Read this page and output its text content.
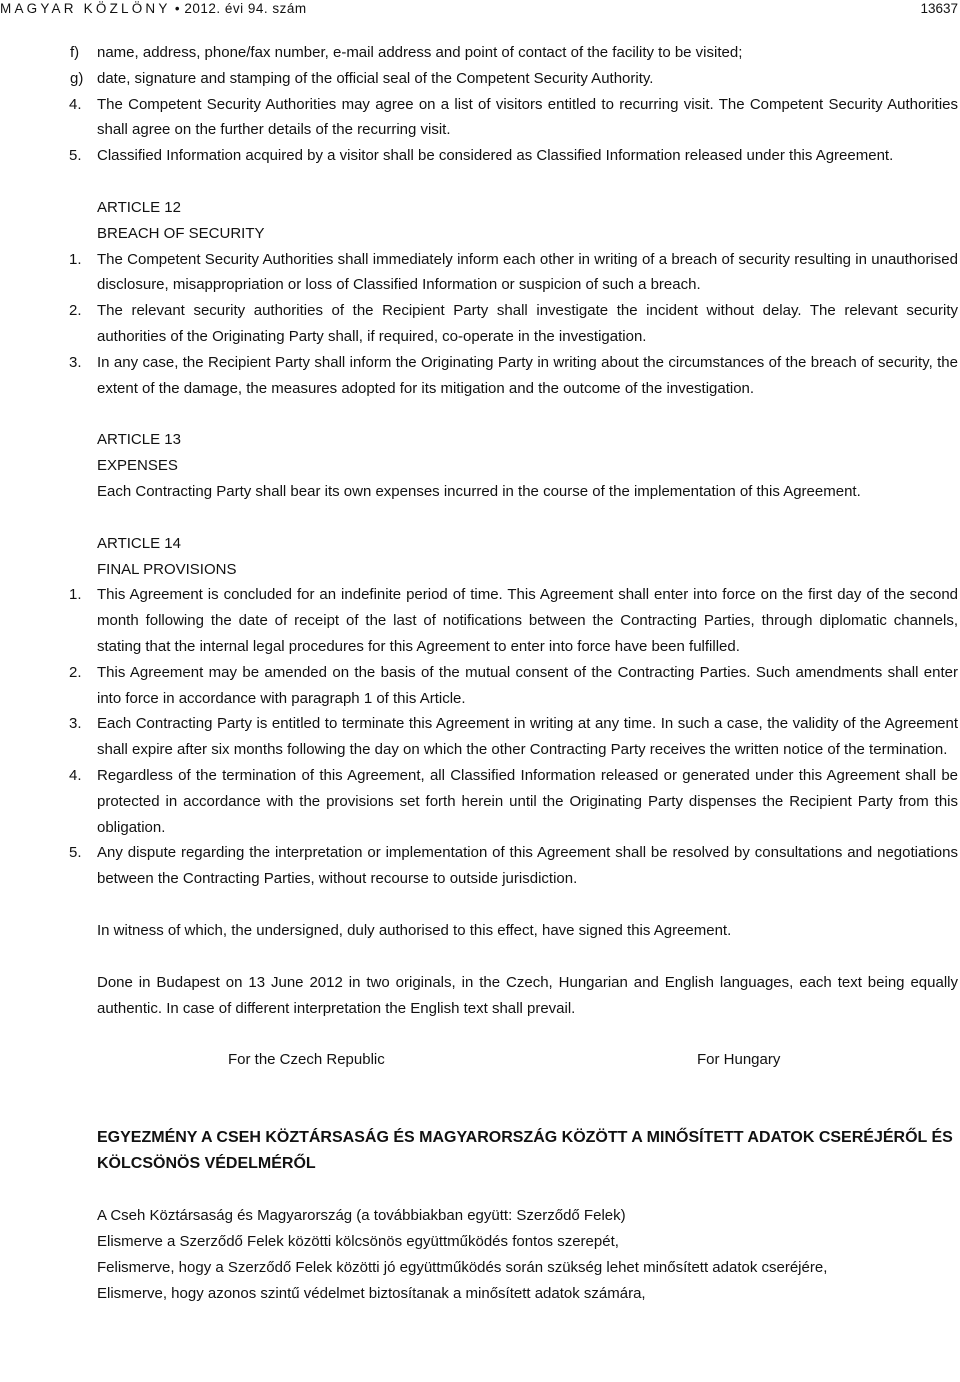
MAGYAR KÖZLÖNY • 2012. évi 94. szám	13637
f) name, address, phone/fax number, e-mail address and point of contact of the facility to be visited;
g) date, signature and stamping of the official seal of the Competent Security Authority.
4. The Competent Security Authorities may agree on a list of visitors entitled to recurring visit. The Competent Security Authorities shall agree on the further details of the recurring visit.
5. Classified Information acquired by a visitor shall be considered as Classified Information released under this Agreement.
ARTICLE 12
BREACH OF SECURITY
1. The Competent Security Authorities shall immediately inform each other in writing of a breach of security resulting in unauthorised disclosure, misappropriation or loss of Classified Information or suspicion of such a breach.
2. The relevant security authorities of the Recipient Party shall investigate the incident without delay. The relevant security authorities of the Originating Party shall, if required, co-operate in the investigation.
3. In any case, the Recipient Party shall inform the Originating Party in writing about the circumstances of the breach of security, the extent of the damage, the measures adopted for its mitigation and the outcome of the investigation.
ARTICLE 13
EXPENSES
Each Contracting Party shall bear its own expenses incurred in the course of the implementation of this Agreement.
ARTICLE 14
FINAL PROVISIONS
1. This Agreement is concluded for an indefinite period of time. This Agreement shall enter into force on the first day of the second month following the date of receipt of the last of notifications between the Contracting Parties, through diplomatic channels, stating that the internal legal procedures for this Agreement to enter into force have been fulfilled.
2. This Agreement may be amended on the basis of the mutual consent of the Contracting Parties. Such amendments shall enter into force in accordance with paragraph 1 of this Article.
3. Each Contracting Party is entitled to terminate this Agreement in writing at any time. In such a case, the validity of the Agreement shall expire after six months following the day on which the other Contracting Party receives the written notice of the termination.
4. Regardless of the termination of this Agreement, all Classified Information released or generated under this Agreement shall be protected in accordance with the provisions set forth herein until the Originating Party dispenses the Recipient Party from this obligation.
5. Any dispute regarding the interpretation or implementation of this Agreement shall be resolved by consultations and negotiations between the Contracting Parties, without recourse to outside jurisdiction.
In witness of which, the undersigned, duly authorised to this effect, have signed this Agreement.
Done in Budapest on 13 June 2012 in two originals, in the Czech, Hungarian and English languages, each text being equally authentic. In case of different interpretation the English text shall prevail.
For the Czech Republic	For Hungary
EGYEZMÉNY A CSEH KÖZTÁRSASÁG ÉS MAGYARORSZÁG KÖZÖTT A MINŐSÍTETT ADATOK CSERÉJÉRŐL ÉS KÖLCSÖNÖS VÉDELMÉRŐL
A Cseh Köztársaság és Magyarország (a továbbiakban együtt: Szerződő Felek)
Elismerve a Szerződő Felek közötti kölcsönös együttműködés fontos szerepét,
Felismerve, hogy a Szerződő Felek közötti jó együttműködés során szükség lehet minősített adatok cseréjére,
Elismerve, hogy azonos szintű védelmet biztosítanak a minősített adatok számára,
